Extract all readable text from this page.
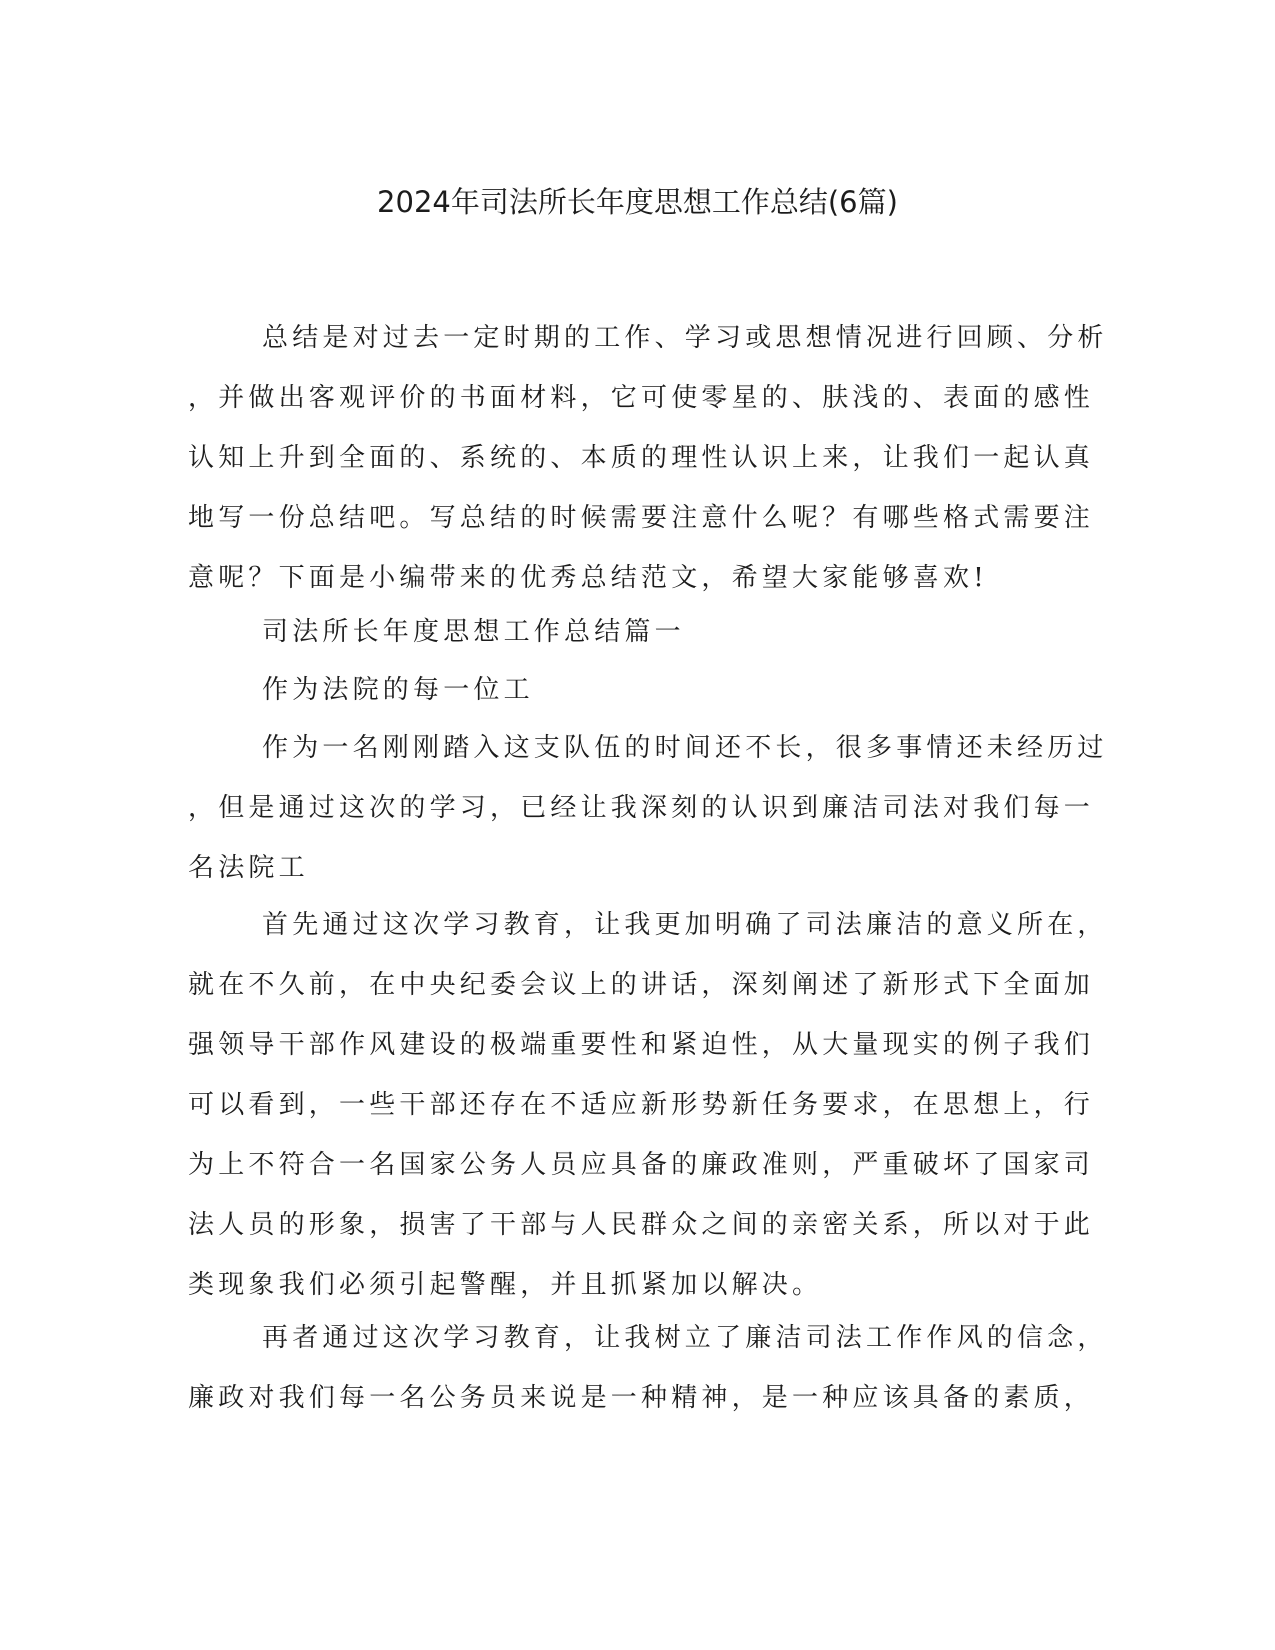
2024年司法所长年度思想工作总结(6篇)
总结是对过去一定时期的工作、学习或思想情况进行回顾、分析
，并做出客观评价的书面材料，它可使零星的、肤浅的、表面的感性
认知上升到全面的、系统的、本质的理性认识上来，让我们一起认真
地写一份总结吧。写总结的时候需要注意什么呢？有哪些格式需要注
意呢？下面是小编带来的优秀总结范文，希望大家能够喜欢!
司法所长年度思想工作总结篇一
作为法院的每一位工
作为一名刚刚踏入这支队伍的时间还不长，很多事情还未经历过
，但是通过这次的学习，已经让我深刻的认识到廉洁司法对我们每一
名法院工
首先通过这次学习教育，让我更加明确了司法廉洁的意义所在，
就在不久前，在中央纪委会议上的讲话，深刻阐述了新形式下全面加
强领导干部作风建设的极端重要性和紧迫性，从大量现实的例子我们
可以看到，一些干部还存在不适应新形势新任务要求，在思想上，行
为上不符合一名国家公务人员应具备的廉政准则，严重破坏了国家司
法人员的形象，损害了干部与人民群众之间的亲密关系，所以对于此
类现象我们必须引起警醒，并且抓紧加以解决。
再者通过这次学习教育，让我树立了廉洁司法工作作风的信念，
廉政对我们每一名公务员来说是一种精神，是一种应该具备的素质，
